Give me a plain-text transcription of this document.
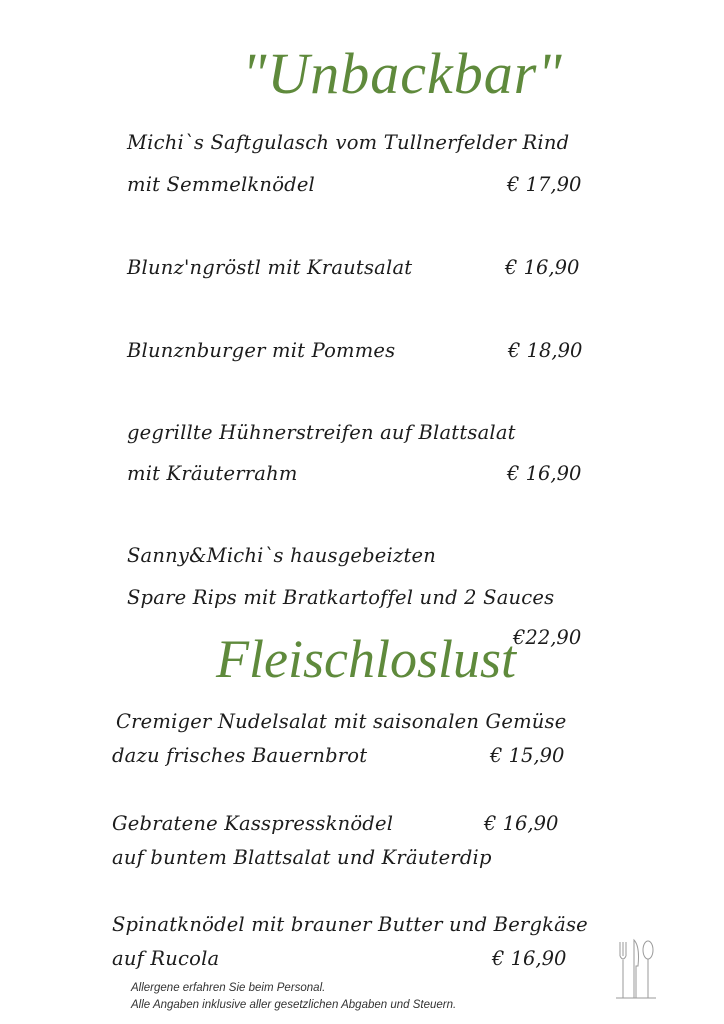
"Unbackbar"
Michi`s Saftgulasch vom Tullnerfelder Rind
mit Semmelknödel	€ 17,90
Blunz'ngröstl mit Krautsalat	€ 16,90
Blunznburger mit Pommes	€ 18,90
gegrillte Hühnerstreifen auf Blattsalat
mit Kräuterrahm	€ 16,90
Sanny&Michi`s hausgebeizten
Spare Rips mit Bratkartoffel und 2 Sauces
€22,90
Fleischloslust
Cremiger Nudelsalat mit saisonalen Gemüse
dazu frisches Bauernbrot	€ 15,90
Gebratene Kasspressknödel	€ 16,90
auf buntem Blattsalat und Kräuterdip
Spinatknödel mit brauner Butter und Bergkäse
auf Rucola	€ 16,90
Allergene erfahren Sie beim Personal.
Alle Angaben inklusive aller gesetzlichen Abgaben und Steuern.
